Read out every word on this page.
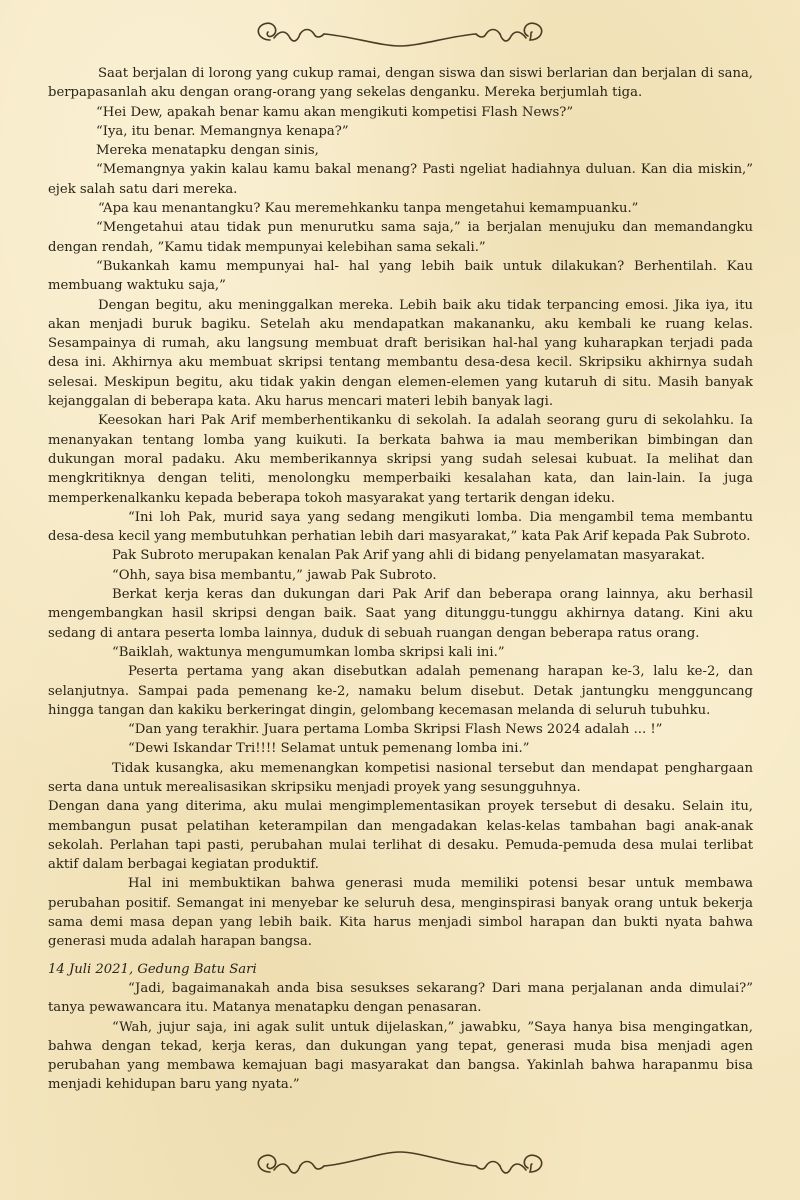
Saat berjalan di lorong yang cukup ramai, dengan siswa dan siswi berlarian dan berjalan di sana, berpapasanlah aku dengan orang-orang yang sekelas denganku. Mereka berjumlah tiga.

“Hei Dew, apakah benar kamu akan mengikuti kompetisi Flash News?”

“Iya, itu benar. Memangnya kenapa?”

Mereka menatapku dengan sinis,

“Memangnya yakin kalau kamu bakal menang? Pasti ngeliat hadiahnya duluan. Kan dia miskin,” ejek salah satu dari mereka.

“Apa kau menantangku? Kau meremehkanku tanpa mengetahui kemampuanku.”

“Mengetahui atau tidak pun menurutku sama saja,” ia berjalan menujuku dan memandangku dengan rendah, ”Kamu tidak mempunyai kelebihan sama sekali.”

“Bukankah kamu mempunyai hal- hal yang lebih baik untuk dilakukan? Berhentilah. Kau membuang waktuku saja,”

Dengan begitu, aku meninggalkan mereka. Lebih baik aku tidak terpancing emosi. Jika iya, itu akan menjadi buruk bagiku. Setelah aku mendapatkan makananku, aku kembali ke ruang kelas. Sesampainya di rumah, aku langsung membuat draft berisikan hal-hal yang kuharapkan terjadi pada desa ini. Akhirnya aku membuat skripsi tentang membantu desa-desa kecil. Skripsiku akhirnya sudah selesai. Meskipun begitu, aku tidak yakin dengan elemen-elemen yang kutaruh di situ. Masih banyak kejanggalan di beberapa kata. Aku harus mencari materi lebih banyak lagi.

Keesokan hari Pak Arif memberhentikanku di sekolah. Ia adalah seorang guru di sekolahku. Ia menanyakan tentang lomba yang kuikuti. Ia berkata bahwa ia mau memberikan bimbingan dan dukungan moral padaku. Aku memberikannya skripsi yang sudah selesai kubuat. Ia melihat dan mengkritiknya dengan teliti, menolongku memperbaiki kesalahan kata, dan lain-lain. Ia juga memperkenalkanku kepada beberapa tokoh masyarakat yang tertarik dengan ideku.

“Ini loh Pak, murid saya yang sedang mengikuti lomba. Dia mengambil tema membantu desa-desa kecil yang membutuhkan perhatian lebih dari masyarakat,” kata Pak Arif kepada Pak Subroto.

Pak Subroto merupakan kenalan Pak Arif yang ahli di bidang penyelamatan masyarakat.

“Ohh, saya bisa membantu,” jawab Pak Subroto.

Berkat kerja keras dan dukungan dari Pak Arif dan beberapa orang lainnya, aku berhasil mengembangkan hasil skripsi dengan baik. Saat yang ditunggu-tunggu akhirnya datang. Kini aku sedang di antara peserta lomba lainnya, duduk di sebuah ruangan dengan beberapa ratus orang.

“Baiklah, waktunya mengumumkan lomba skripsi kali ini.”

Peserta pertama yang akan disebutkan adalah pemenang harapan ke-3, lalu ke-2, dan selanjutnya. Sampai pada pemenang ke-2, namaku belum disebut. Detak jantungku mengguncang hingga tangan dan kakiku berkeringat dingin, gelombang kecemasan melanda di seluruh tubuhku.

“Dan yang terakhir. Juara pertama Lomba Skripsi Flash News 2024 adalah ... !”

“Dewi Iskandar Tri!!!! Selamat untuk pemenang lomba ini.”

Tidak kusangka, aku memenangkan kompetisi nasional tersebut dan mendapat penghargaan serta dana untuk merealisasikan skripsiku menjadi proyek yang sesungguhnya.

Dengan dana yang diterima, aku mulai mengimplementasikan proyek tersebut di desaku. Selain itu, membangun pusat pelatihan keterampilan dan mengadakan kelas-kelas tambahan bagi anak-anak sekolah. Perlahan tapi pasti, perubahan mulai terlihat di desaku. Pemuda-pemuda desa mulai terlibat aktif dalam berbagai kegiatan produktif.

Hal ini membuktikan bahwa generasi muda memiliki potensi besar untuk membawa perubahan positif. Semangat ini menyebar ke seluruh desa, menginspirasi banyak orang untuk bekerja sama demi masa depan yang lebih baik. Kita harus menjadi simbol harapan dan bukti nyata bahwa generasi muda adalah harapan bangsa.

14 Juli 2021, Gedung Batu Sari

“Jadi, bagaimanakah anda bisa sesukses sekarang? Dari mana perjalanan anda dimulai?” tanya pewawancara itu. Matanya menatapku dengan penasaran.

“Wah, jujur saja, ini agak sulit untuk dijelaskan,” jawabku, ”Saya hanya bisa mengingatkan, bahwa dengan tekad, kerja keras, dan dukungan yang tepat, generasi muda bisa menjadi agen perubahan yang membawa kemajuan bagi masyarakat dan bangsa. Yakinlah bahwa harapanmu bisa menjadi kehidupan baru yang nyata.”
